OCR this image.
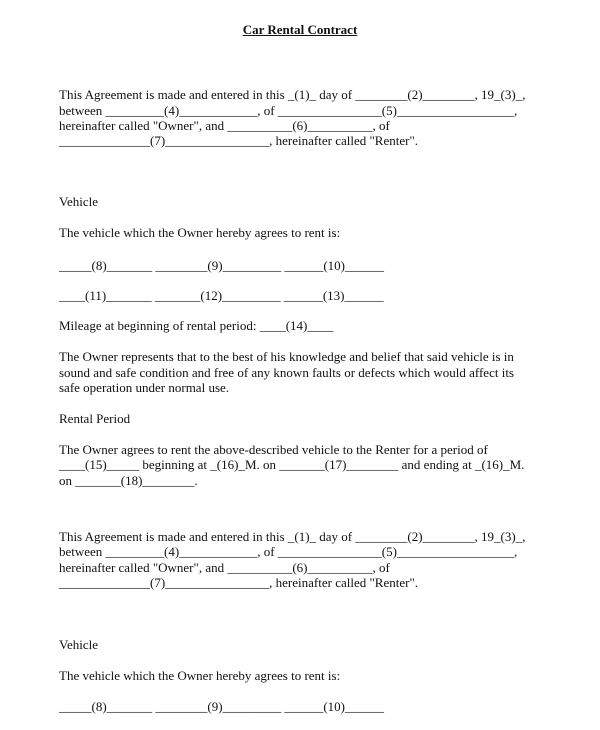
Car Rental Contract
This Agreement is made and entered in this _(1)_ day of ________(2)________, 19_(3)_,
between _________(4)____________, of ________________(5)__________________,
hereinafter called "Owner", and __________(6)__________, of
______________(7)________________, hereinafter called "Renter".
Vehicle
The vehicle which the Owner hereby agrees to rent is:
_____(8)_______ ________(9)_________ ______(10)______
____(11)_______ _______(12)_________ ______(13)______
Mileage at beginning of rental period: ____(14)____
The Owner represents that to the best of his knowledge and belief that said vehicle is in
sound and safe condition and free of any known faults or defects which would affect its
safe operation under normal use.
Rental Period
The Owner agrees to rent the above-described vehicle to the Renter for a period of
____(15)_____ beginning at _(16)_M. on _______(17)________ and ending at _(16)_M.
on _______(18)________.
This Agreement is made and entered in this _(1)_ day of ________(2)________, 19_(3)_,
between _________(4)____________, of ________________(5)__________________,
hereinafter called "Owner", and __________(6)__________, of
______________(7)________________, hereinafter called "Renter".
Vehicle
The vehicle which the Owner hereby agrees to rent is:
_____(8)_______ ________(9)_________ ______(10)______
